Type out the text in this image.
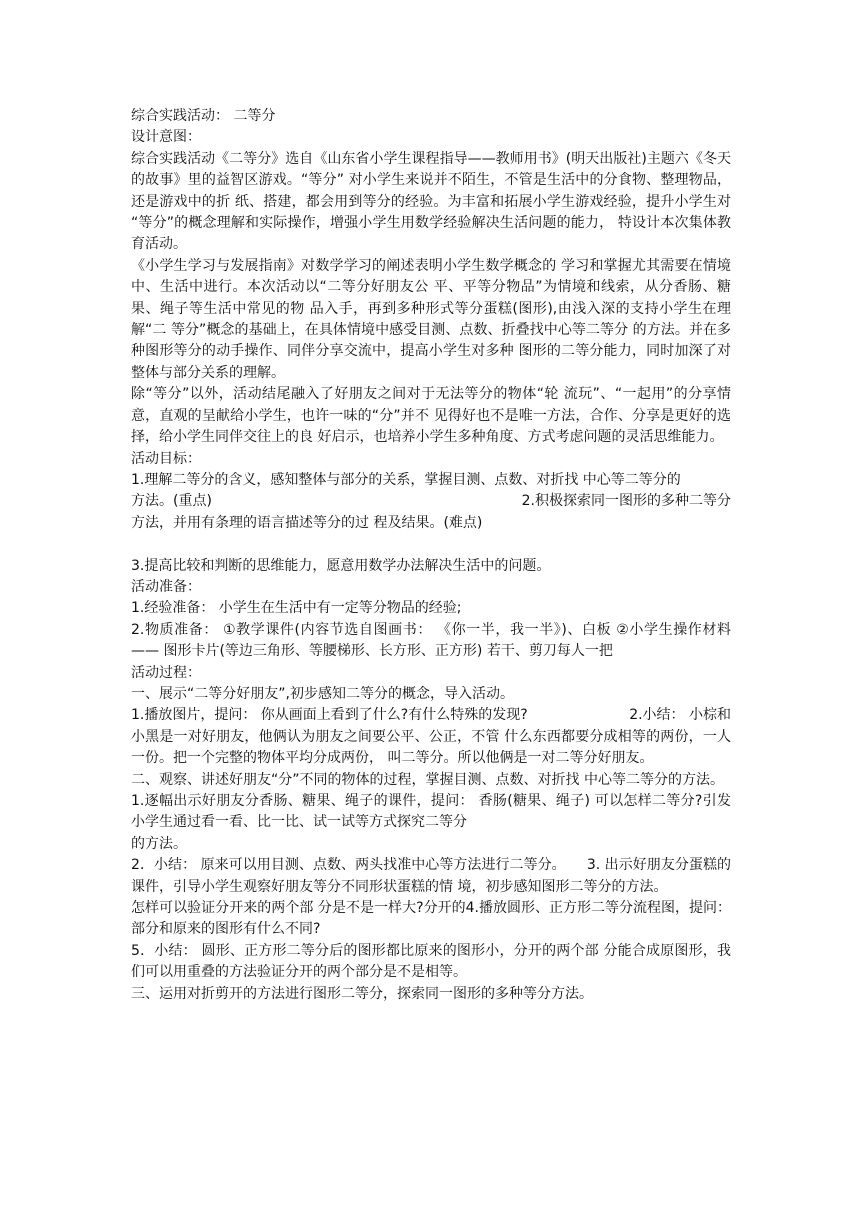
综合实践活动： 二等分

设计意图：

综合实践活动《二等分》选自《山东省小学生课程指导——教师用书》(明天出版社)主题六《冬天的故事》里的益智区游戏。“等分” 对小学生来说并不陌生，不管是生活中的分食物、整理物品，还是游戏中的折 纸、搭建，都会用到等分的经验。为丰富和拓展小学生游戏经验，提升小学生对 “等分”的概念理解和实际操作，增强小学生用数学经验解决生活问题的能力， 特设计本次集体教育活动。

《小学生学习与发展指南》对数学学习的阐述表明小学生数学概念的 学习和掌握尤其需要在情境中、生活中进行。本次活动以“二等分好朋友公 平、平等分物品”为情境和线索，从分香肠、糖果、绳子等生活中常见的物 品入手，再到多种形式等分蛋糕(图形),由浅入深的支持小学生在理解“二 等分”概念的基础上，在具体情境中感受目测、点数、折叠找中心等二等分 的方法。并在多种图形等分的动手操作、同伴分享交流中，提高小学生对多种 图形的二等分能力，同时加深了对整体与部分关系的理解。

除“等分”以外，活动结尾融入了好朋友之间对于无法等分的物体“轮 流玩”、“一起用”的分享情意，直观的呈献给小学生，也许一味的“分”并不 见得好也不是唯一方法，合作、分享是更好的选择，给小学生同伴交往上的良 好启示，也培养小学生多种角度、方式考虑问题的灵活思维能力。

活动目标：

1.理解二等分的含义，感知整体与部分的关系，掌握目测、点数、对折找 中心等二等分的

方法。(重点)	2.积极探索同一图形的多种二等分

方法，并用有条理的语言描述等分的过 程及结果。(难点)

3.提高比较和判断的思维能力，愿意用数学办法解决生活中的问题。

活动准备：

1.经验准备： 小学生在生活中有一定等分物品的经验;

2.物质准备： ①教学课件(内容节选自图画书： 《你一半，我一半》)、白板 ②小学生操作材料—— 图形卡片(等边三角形、等腰梯形、长方形、正方形) 若干、剪刀每人一把

活动过程：

一、展示“二等分好朋友”,初步感知二等分的概念，导入活动。

1.播放图片，提问： 你从画面上看到了什么?有什么特殊的发现?	2.小结： 小棕和

小黑是一对好朋友，他俩认为朋友之间要公平、公正，不管 什么东西都要分成相等的两份，一人一份。把一个完整的物体平均分成两份， 叫二等分。所以他俩是一对二等分好朋友。

二、观察、讲述好朋友“分”不同的物体的过程，掌握目测、点数、对折找 中心等二等分的方法。

1.逐幅出示好朋友分香肠、糖果、绳子的课件，提问： 香肠(糖果、绳子) 可以怎样二等分?引发小学生通过看一看、比一比、试一试等方式探究二等分

的方法。

2．小结： 原来可以用目测、点数、两头找准中心等方法进行二等分。　　 3. 出示好朋友分蛋糕的课件，引导小学生观察好朋友等分不同形状蛋糕的情 境，初步感知图形二等分的方法。
4.播放圆形、正方形二等分流程图，提问：

怎样可以验证分开来的两个部 分是不是一样大?分开的部分和原来的图形有什么不同?

5．小结： 圆形、正方形二等分后的图形都比原来的图形小，分开的两个部 分能合成原图形，我们可以用重叠的方法验证分开的两个部分是不是相等。

三、运用对折剪开的方法进行图形二等分，探索同一图形的多种等分方法。
